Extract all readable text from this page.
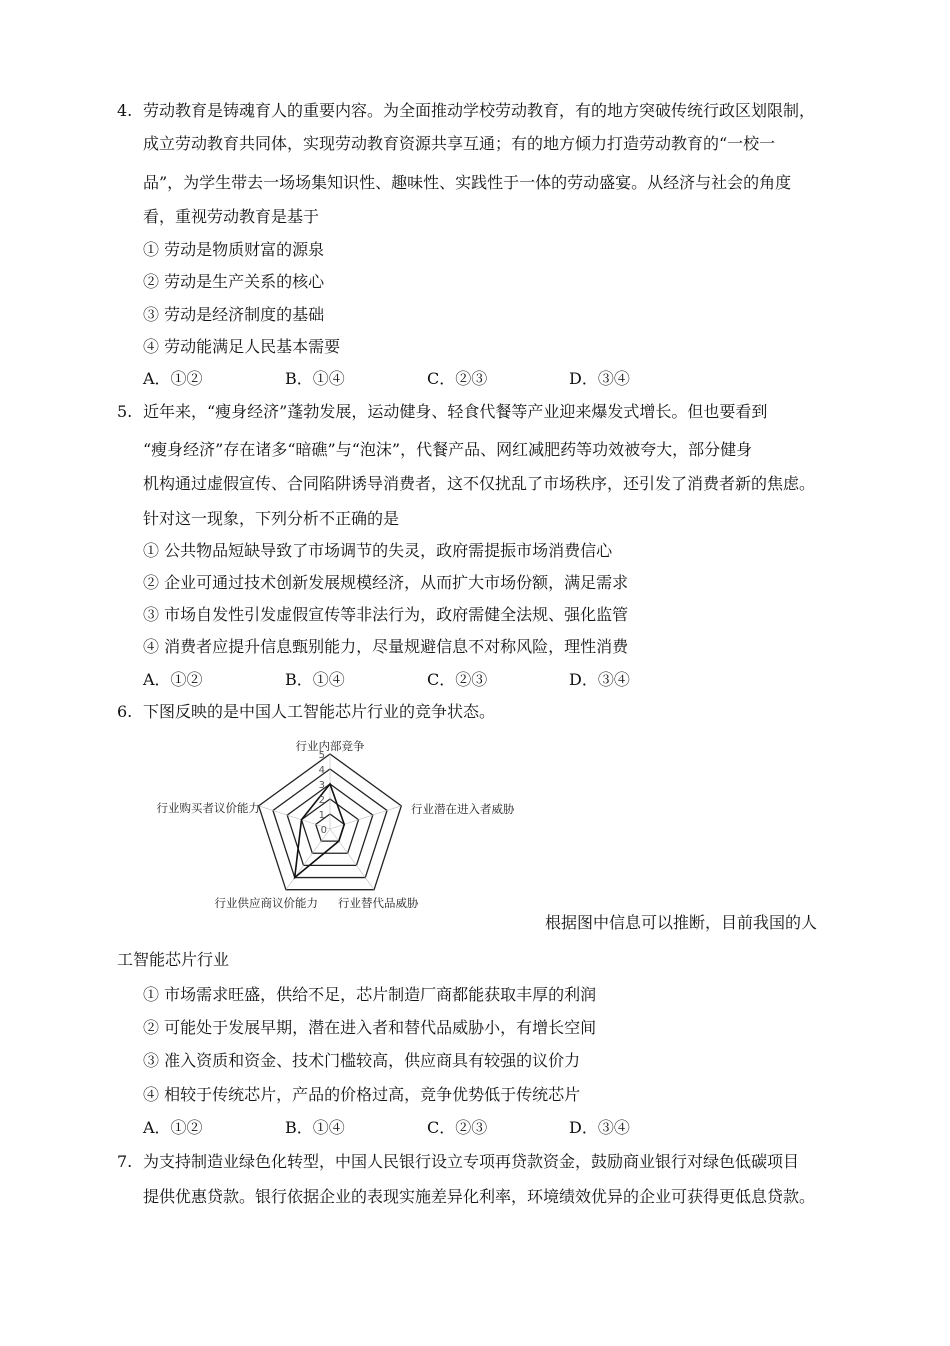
4. 劳动教育是铸魂育人的重要内容。为全面推动学校劳动教育，有的地方突破传统行政区划限制，
成立劳动教育共同体，实现劳动教育资源共享互通；有的地方倾力打造劳动教育的“一校一
品”，为学生带去一场场集知识性、趣味性、实践性于一体的劳动盛宴。从经济与社会的角度
看，重视劳动教育是基于
① 劳动是物质财富的源泉
② 劳动是生产关系的核心
③ 劳动是经济制度的基础
④ 劳动能满足人民基本需要
A．①②	B．①④	C．②③	D．③④
5. 近年来，“瘦身经济”蓬勃发展，运动健身、轻食代餐等产业迎来爆发式增长。但也要看到
“瘦身经济”存在诸多“暗礁”与“泡沫”，代餐产品、网红减肥药等功效被夸大，部分健身
机构通过虚假宣传、合同陷阱诱导消费者，这不仅扰乱了市场秩序，还引发了消费者新的焦虑。
针对这一现象，下列分析不正确的是
① 公共物品短缺导致了市场调节的失灵，政府需提振市场消费信心
② 企业可通过技术创新发展规模经济，从而扩大市场份额，满足需求
③ 市场自发性引发虚假宣传等非法行为，政府需健全法规、强化监管
④ 消费者应提升信息甄别能力，尽量规避信息不对称风险，理性消费
A．①②	B．①④	C．②③	D．③④
6. 下图反映的是中国人工智能芯片行业的竞争状态。
0
1
2
3
4
5
行业内部竞争
行业潜在进入者威胁
行业替代品威胁
行业供应商议价能力
行业购买者议价能力
根据图中信息可以推断，目前我国的人
工智能芯片行业
① 市场需求旺盛，供给不足，芯片制造厂商都能获取丰厚的利润
② 可能处于发展早期，潜在进入者和替代品威胁小，有增长空间
③ 准入资质和资金、技术门槛较高，供应商具有较强的议价力
④ 相较于传统芯片，产品的价格过高，竞争优势低于传统芯片
A．①②	B．①④	C．②③	D．③④
7. 为支持制造业绿色化转型，中国人民银行设立专项再贷款资金，鼓励商业银行对绿色低碳项目
提供优惠贷款。银行依据企业的表现实施差异化利率，环境绩效优异的企业可获得更低息贷款。
